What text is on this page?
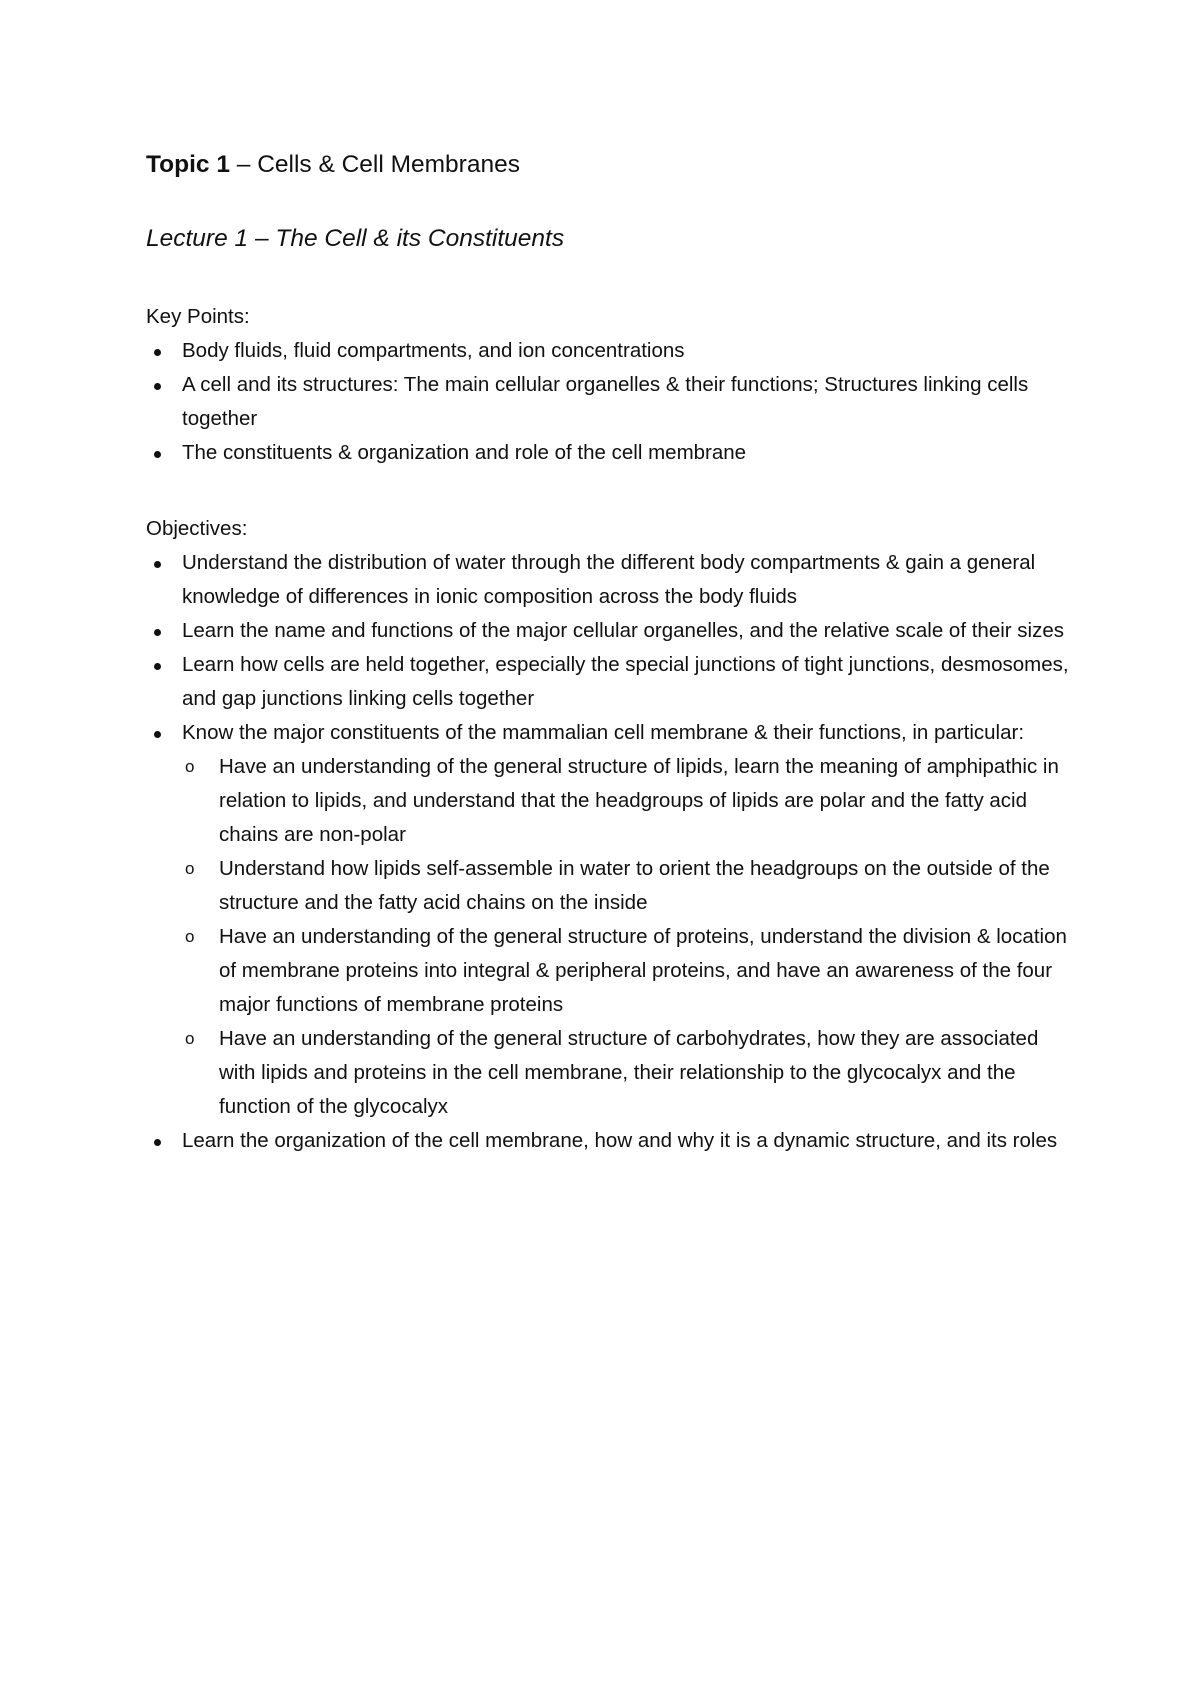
Topic 1 – Cells & Cell Membranes
Lecture 1 – The Cell & its Constituents
Key Points:
Body fluids, fluid compartments, and ion concentrations
A cell and its structures: The main cellular organelles & their functions; Structures linking cells together
The constituents & organization and role of the cell membrane
Objectives:
Understand the distribution of water through the different body compartments & gain a general knowledge of differences in ionic composition across the body fluids
Learn the name and functions of the major cellular organelles, and the relative scale of their sizes
Learn how cells are held together, especially the special junctions of tight junctions, desmosomes, and gap junctions linking cells together
Know the major constituents of the mammalian cell membrane & their functions, in particular:
o Have an understanding of the general structure of lipids, learn the meaning of amphipathic in relation to lipids, and understand that the headgroups of lipids are polar and the fatty acid chains are non-polar
o Understand how lipids self-assemble in water to orient the headgroups on the outside of the structure and the fatty acid chains on the inside
o Have an understanding of the general structure of proteins, understand the division & location of membrane proteins into integral & peripheral proteins, and have an awareness of the four major functions of membrane proteins
o Have an understanding of the general structure of carbohydrates, how they are associated with lipids and proteins in the cell membrane, their relationship to the glycocalyx and the function of the glycocalyx
Learn the organization of the cell membrane, how and why it is a dynamic structure, and its roles
